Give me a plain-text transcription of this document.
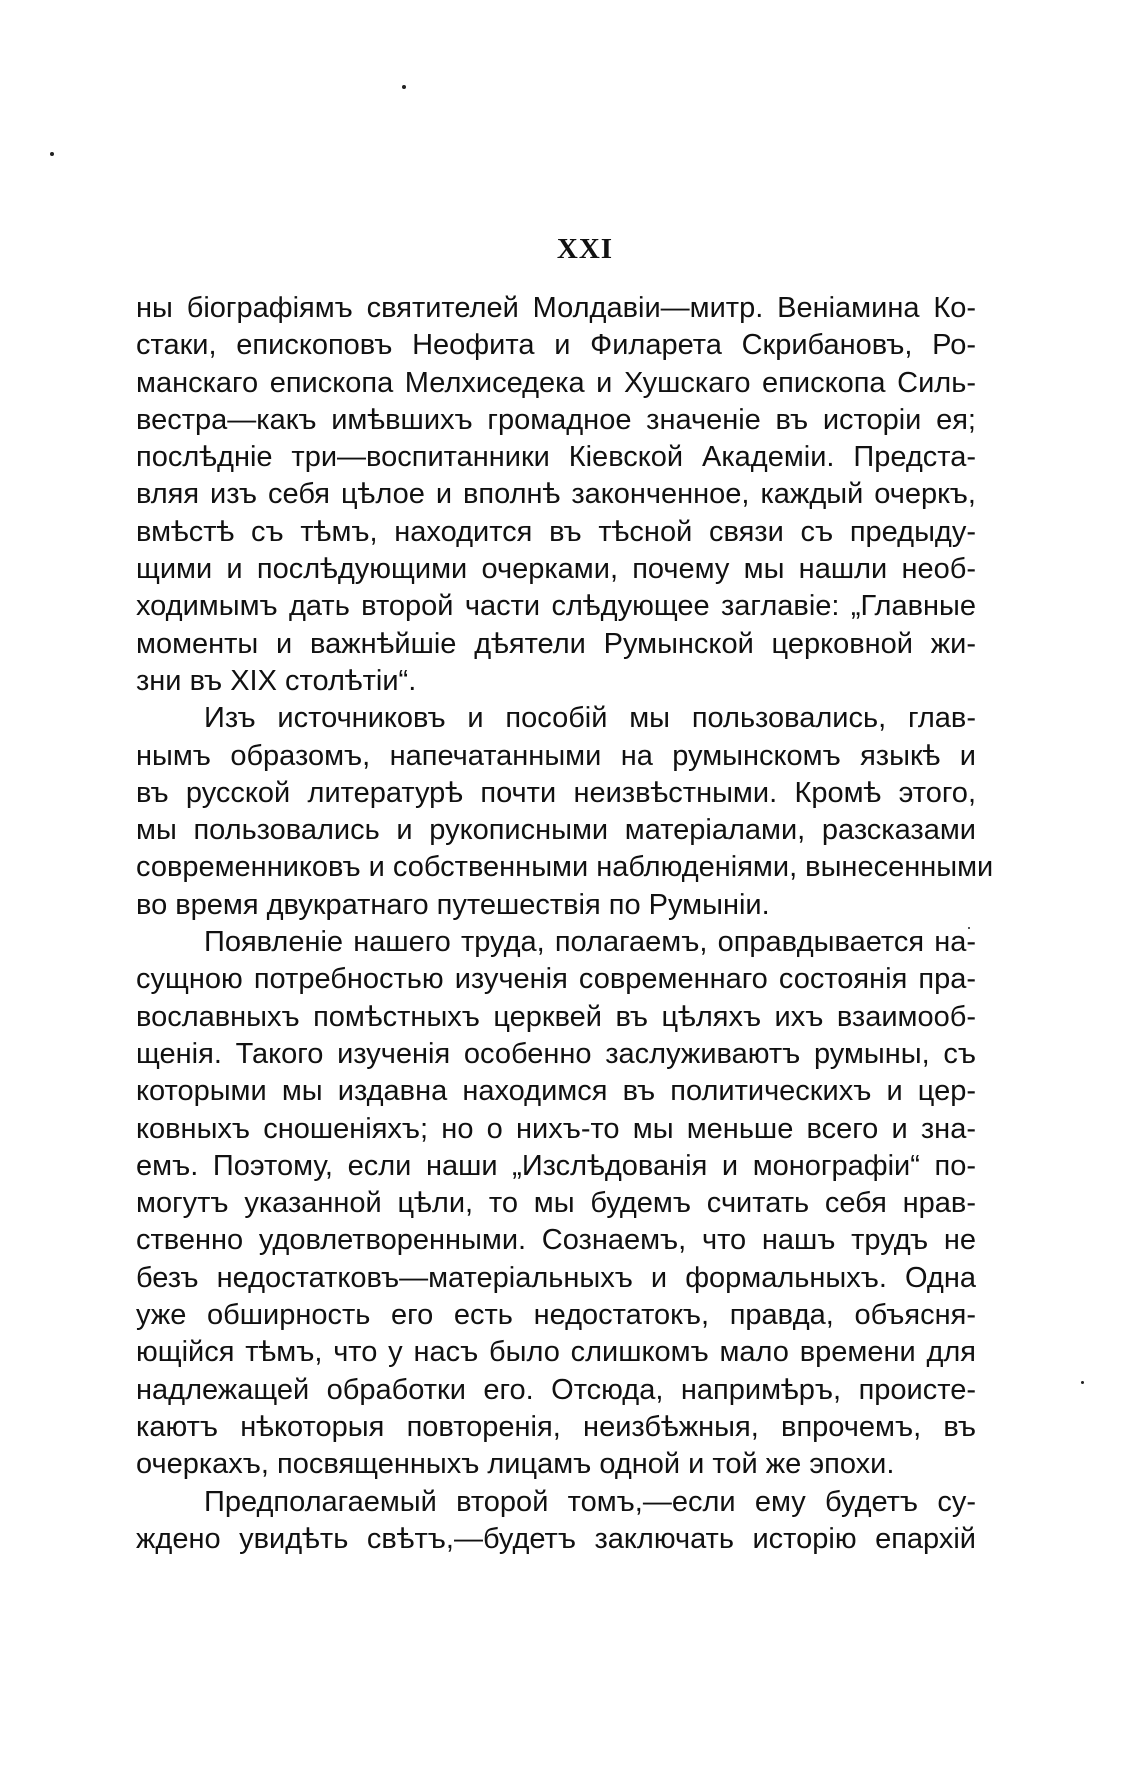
XXI
ны біографіямъ святителей Молдавіи—митр. Веніамина Ко-
стаки, епископовъ Неофита и Филарета Скрибановъ, Ро-
манскаго епископа Мелхиседека и Хушскаго епископа Силь-
вестра—какъ имѣвшихъ громадное значеніе въ исторіи ея;
послѣдніе три—воспитанники Кіевской Академіи. Предста-
вляя изъ себя цѣлое и вполнѣ законченное, каждый очеркъ,
вмѣстѣ съ тѣмъ, находится въ тѣсной связи съ предыду-
щими и послѣдующими очерками, почему мы нашли необ-
ходимымъ дать второй части слѣдующее заглавіе: „Главные
моменты и важнѣйшіе дѣятели Румынской церковной жи-
зни въ XIX столѣтіи“.
Изъ источниковъ и пособій мы пользовались, глав-
нымъ образомъ, напечатанными на румынскомъ языкѣ и
въ русской литературѣ почти неизвѣстными. Кромѣ этого,
мы пользовались и рукописными матеріалами, разсказами
современниковъ и собственными наблюденіями, вынесенными
во время двукратнаго путешествія по Румыніи.
Появленіе нашего труда, полагаемъ, оправдывается на-
сущною потребностью изученія современнаго состоянія пра-
вославныхъ помѣстныхъ церквей въ цѣляхъ ихъ взаимооб-
щенія. Такого изученія особенно заслуживаютъ румыны, съ
которыми мы издавна находимся въ политическихъ и цер-
ковныхъ сношеніяхъ; но о нихъ-то мы меньше всего и зна-
емъ. Поэтому, если наши „Изслѣдованія и монографіи“ по-
могутъ указанной цѣли, то мы будемъ считать себя нрав-
ственно удовлетворенными. Сознаемъ, что нашъ трудъ не
безъ недостатковъ—матеріальныхъ и формальныхъ. Одна
уже обширность его есть недостатокъ, правда, объясня-
ющійся тѣмъ, что у насъ было слишкомъ мало времени для
надлежащей обработки его. Отсюда, напримѣръ, происте-
каютъ нѣкоторыя повторенія, неизбѣжныя, впрочемъ, въ
очеркахъ, посвященныхъ лицамъ одной и той же эпохи.
Предполагаемый второй томъ,—если ему будетъ су-
ждено увидѣть свѣтъ,—будетъ заключать исторію епархій
